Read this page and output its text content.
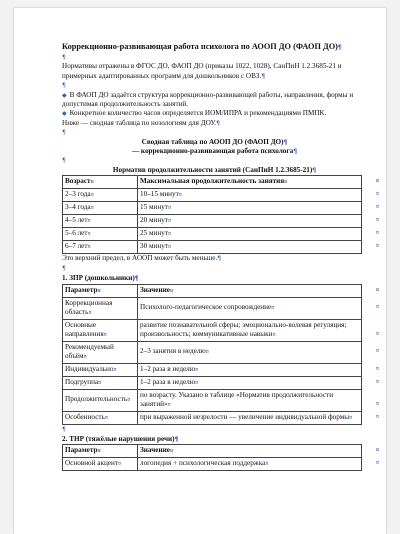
Коррекционно-развивающая работа психолога по АООП ДО (ФАОП ДО)¶

¶

Нормативы отражены в ФГОС ДО, ФАОП ДО (приказы 1022, 1028), СанПиН 1.2.3685-21 и примерных адаптированных программ для дошкольников с ОВЗ.¶

¶

◆ В ФАОП ДО задаётся структура коррекционно-развивающей работы, направления, формы и допустимая продолжительность занятий.

◆ Конкретное количество часов определяется ИОМ/ИПРА и рекомендациями ПМПК.

Ниже — сводная таблица по нозологиям для ДОУ.¶

¶

Сводная таблица по АООП ДО (ФАОП ДО)¶

— коррекционно-развивающая работа психолога¶

¶

Норматив продолжительности занятий (СанПиН 1.2.3685-21)¶

Возраст¤	Максимальная продолжительность занятия¤ ¤

2–3 года¤	10–15 минут¤ ¤

3–4 года¤	15 минут¤ ¤

4–5 лет¤	20 минут¤ ¤

5–6 лет¤	25 минут¤ ¤

6–7 лет¤	30 минут¤ ¤

Это верхний предел, в АООП может быть меньше.¶

¶

1. ЗПР (дошкольники)¶

Параметр¤	Значение¤ ¤

Коррекционная область¤	Психолого-педагогическое сопровождение¤ ¤

Основные направления¤	развитие познавательной сферы; эмоционально-волевая регуляция; произвольность; коммуникативные навыки¤ ¤

Рекомендуемый объём¤	2–3 занятия в неделю¤ ¤

Индивидуально¤	1–2 раза в неделю¤ ¤

Подгруппа¤	1–2 раза в неделю¤ ¤

Продолжительность¤	по возрасту. Указано в таблице «Норматив продолжительности занятий»¤ ¤

Особенность¤	при выраженной незрелости — увеличение индивидуальной формы¤ ¤

¶

2. ТНР (тяжёлые нарушения речи)¶

Параметр¤	Значение¤ ¤

Основной акцент¤	логопедия + психологическая поддержка¤ ¤
